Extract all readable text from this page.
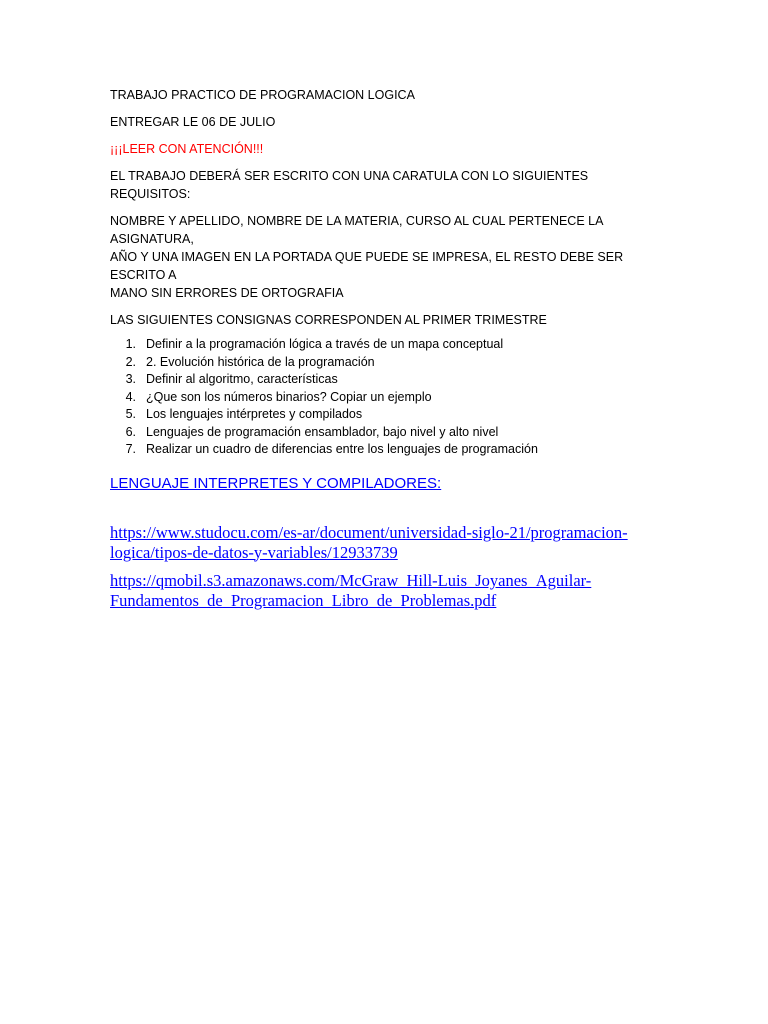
TRABAJO PRACTICO DE PROGRAMACION LOGICA

ENTREGAR LE 06 DE JULIO

¡¡¡LEER CON ATENCIÓN!!!

EL TRABAJO DEBERÁ SER ESCRITO CON UNA CARATULA CON LO SIGUIENTES REQUISITOS:

NOMBRE Y APELLIDO, NOMBRE DE LA MATERIA, CURSO AL CUAL PERTENECE LA ASIGNATURA,
AÑO Y UNA IMAGEN EN LA PORTADA QUE PUEDE SE IMPRESA, EL RESTO DEBE SER ESCRITO A
MANO SIN ERRORES DE ORTOGRAFIA

LAS SIGUIENTES CONSIGNAS CORRESPONDEN AL PRIMER TRIMESTRE

1. Definir a la programación lógica a través de un mapa conceptual
2. 2. Evolución histórica de la programación
3. Definir al algoritmo, características
4. ¿Que son los números binarios? Copiar un ejemplo
5. Los lenguajes intérpretes y compilados
6. Lenguajes de programación ensamblador, bajo nivel y alto nivel
7. Realizar un cuadro de diferencias entre los lenguajes de programación
LENGUAJE INTERPRETES Y COMPILADORES:
https://www.studocu.com/es-ar/document/universidad-siglo-21/programacion-
logica/tipos-de-datos-y-variables/12933739
https://qmobil.s3.amazonaws.com/McGraw_Hill-Luis_Joyanes_Aguilar-
Fundamentos_de_Programacion_Libro_de_Problemas.pdf
